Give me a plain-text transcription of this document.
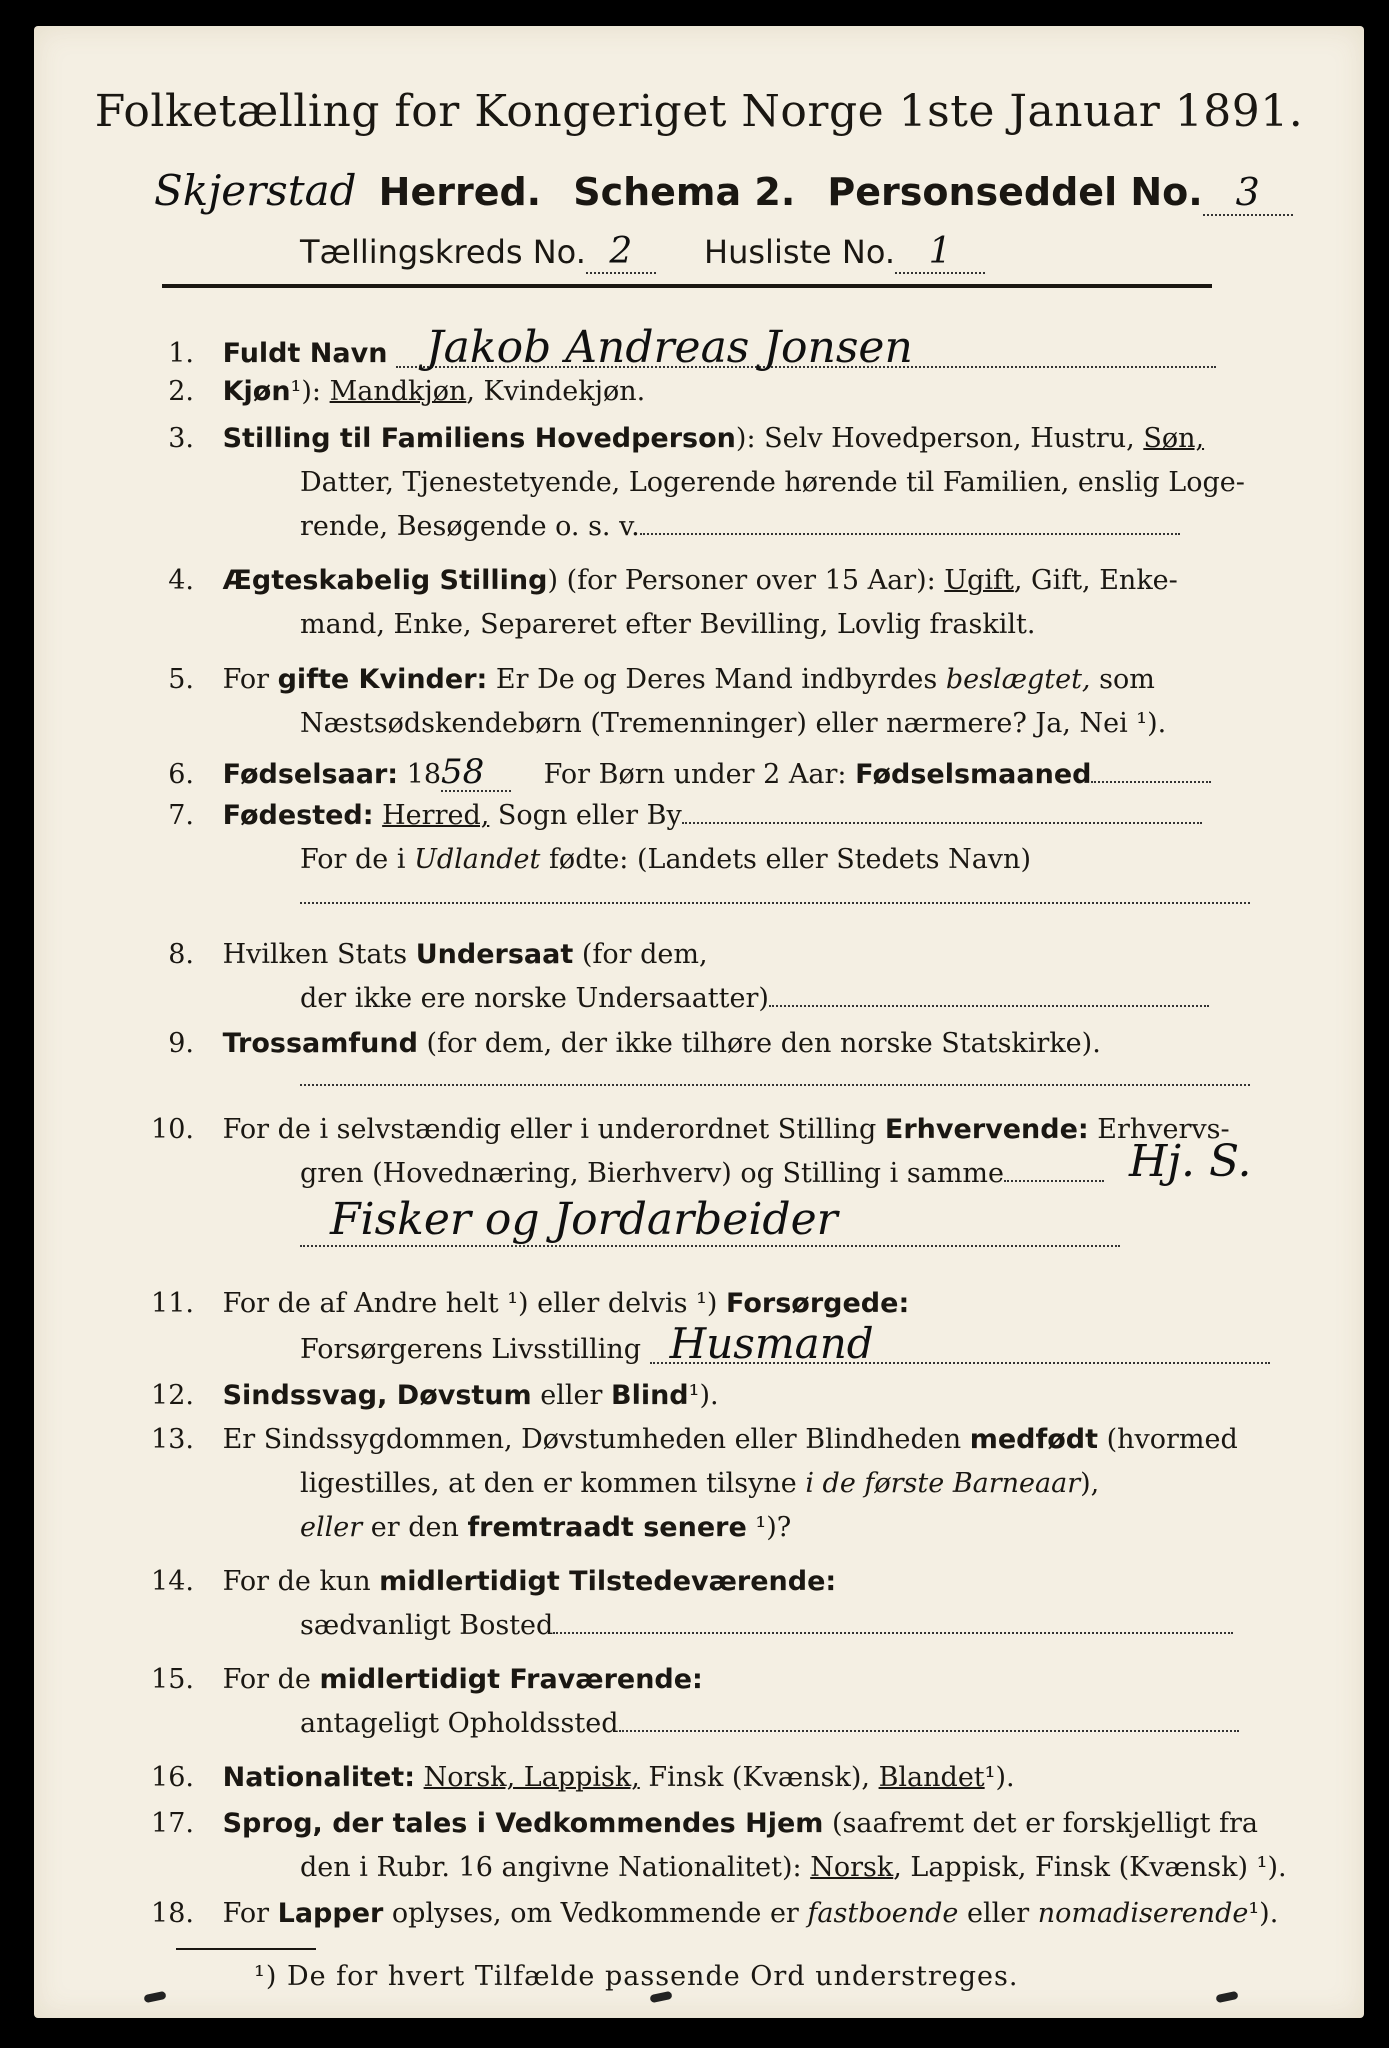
Folketælling for Kongeriget Norge 1ste Januar 1891.
Skjerstad Herred. Schema 2. Personseddel No. 3
Tællingskreds No. 2 Husliste No. 1
1. Fuldt Navn Jakob Andreas Jonsen
2. Kjøn¹): Mandkjøn, Kvindekjøn.
3. Stilling til Familiens Hovedperson): Selv Hovedperson, Hustru, Søn,
Datter, Tjenestetyende, Logerende hørende til Familien, enslig Loge-
rende, Besøgende o. s. v.
4. Ægteskabelig Stilling) (for Personer over 15 Aar): Ugift, Gift, Enke-
mand, Enke, Separeret efter Bevilling, Lovlig fraskilt.
5. For gifte Kvinder: Er De og Deres Mand indbyrdes beslægtet, som
Næstsødskendebørn (Tremenninger) eller nærmere? Ja, Nei ¹).
6. Fødselsaar: 1858 For Børn under 2 Aar: Fødselsmaaned
7. Fødested: Herred, Sogn eller By
For de i Udlandet fødte: (Landets eller Stedets Navn)
8. Hvilken Stats Undersaat (for dem,
der ikke ere norske Undersaatter)
9. Trossamfund (for dem, der ikke tilhøre den norske Statskirke).
10. For de i selvstændig eller i underordnet Stilling Erhvervende: Erhvervs-
gren (Hovednæring, Bierhverv) og Stilling i samme	Hj. S.
Fisker og Jordarbeider
11. For de af Andre helt ¹) eller delvis ¹) Forsørgede:
Forsørgerens Livsstilling Husmand
12. Sindssvag, Døvstum eller Blind¹).
13. Er Sindssygdommen, Døvstumheden eller Blindheden medfødt (hvormed
ligestilles, at den er kommen tilsyne i de første Barneaar),
eller er den fremtraadt senere ¹)?
14. For de kun midlertidigt Tilstedeværende:
sædvanligt Bosted
15. For de midlertidigt Fraværende:
antageligt Opholdssted
16. Nationalitet: Norsk, Lappisk, Finsk (Kvænsk), Blandet¹).
17. Sprog, der tales i Vedkommendes Hjem (saafremt det er forskjelligt fra
den i Rubr. 16 angivne Nationalitet): Norsk, Lappisk, Finsk (Kvænsk) ¹).
18. For Lapper oplyses, om Vedkommende er fastboende eller nomadiserende¹).
¹) De for hvert Tilfælde passende Ord understreges.
